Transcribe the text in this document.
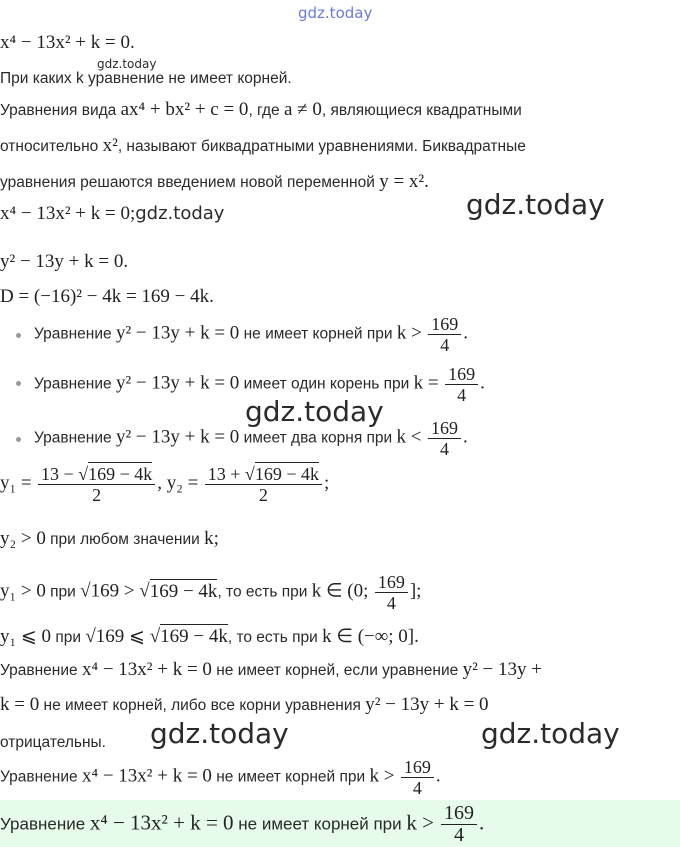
gdz.today
x⁴ − 13x² + k = 0.
gdz.today
При каких k уравнение не имеет корней.
Уравнения вида ax⁴ + bx² + c = 0, где a ≠ 0, являющиеся квадратными
относительно x², называют биквадратными уравнениями. Биквадратные
уравнения решаются введением новой переменной y = x².
gdz.today
x⁴ − 13x² + k = 0;gdz.today
y² − 13y + k = 0.
D = (−16)² − 4k = 169 − 4k.
Уравнение y² − 13y + k = 0 не имеет корней при $k > \frac{169}{4}$ .
Уравнение y² − 13y + k = 0 имеет один корень при $k = \frac{169}{4}$ .
gdz.today
Уравнение y² − 13y + k = 0 имеет два корня при $k < \frac{169}{4}$ .
$y_1 = \frac{13 - √169 - 4k}{2}$ , $y_2 = \frac{13 + √169 - 4k}{2}$ ;
y₂ > 0 при любом значении k;
y₁ > 0 при √169 > √169 − 4k, то есть при k ∈ (0; $\frac{169}{4}$ ];
y₁ ⩽ 0 при √169 ⩽ √169 − 4k, то есть при k ∈ (−∞; 0].
Уравнение x⁴ − 13x² + k = 0 не имеет корней, если уравнение y² − 13y +
k = 0 не имеет корней, либо все корни уравнения y² − 13y + k = 0
отрицательны. gdz.today	gdz.today
Уравнение x⁴ − 13x² + k = 0 не имеет корней при $k > \frac{169}{4}$ .
Уравнение x⁴ − 13x² + k = 0 не имеет корней при $k > \frac{169}{4}$ .
